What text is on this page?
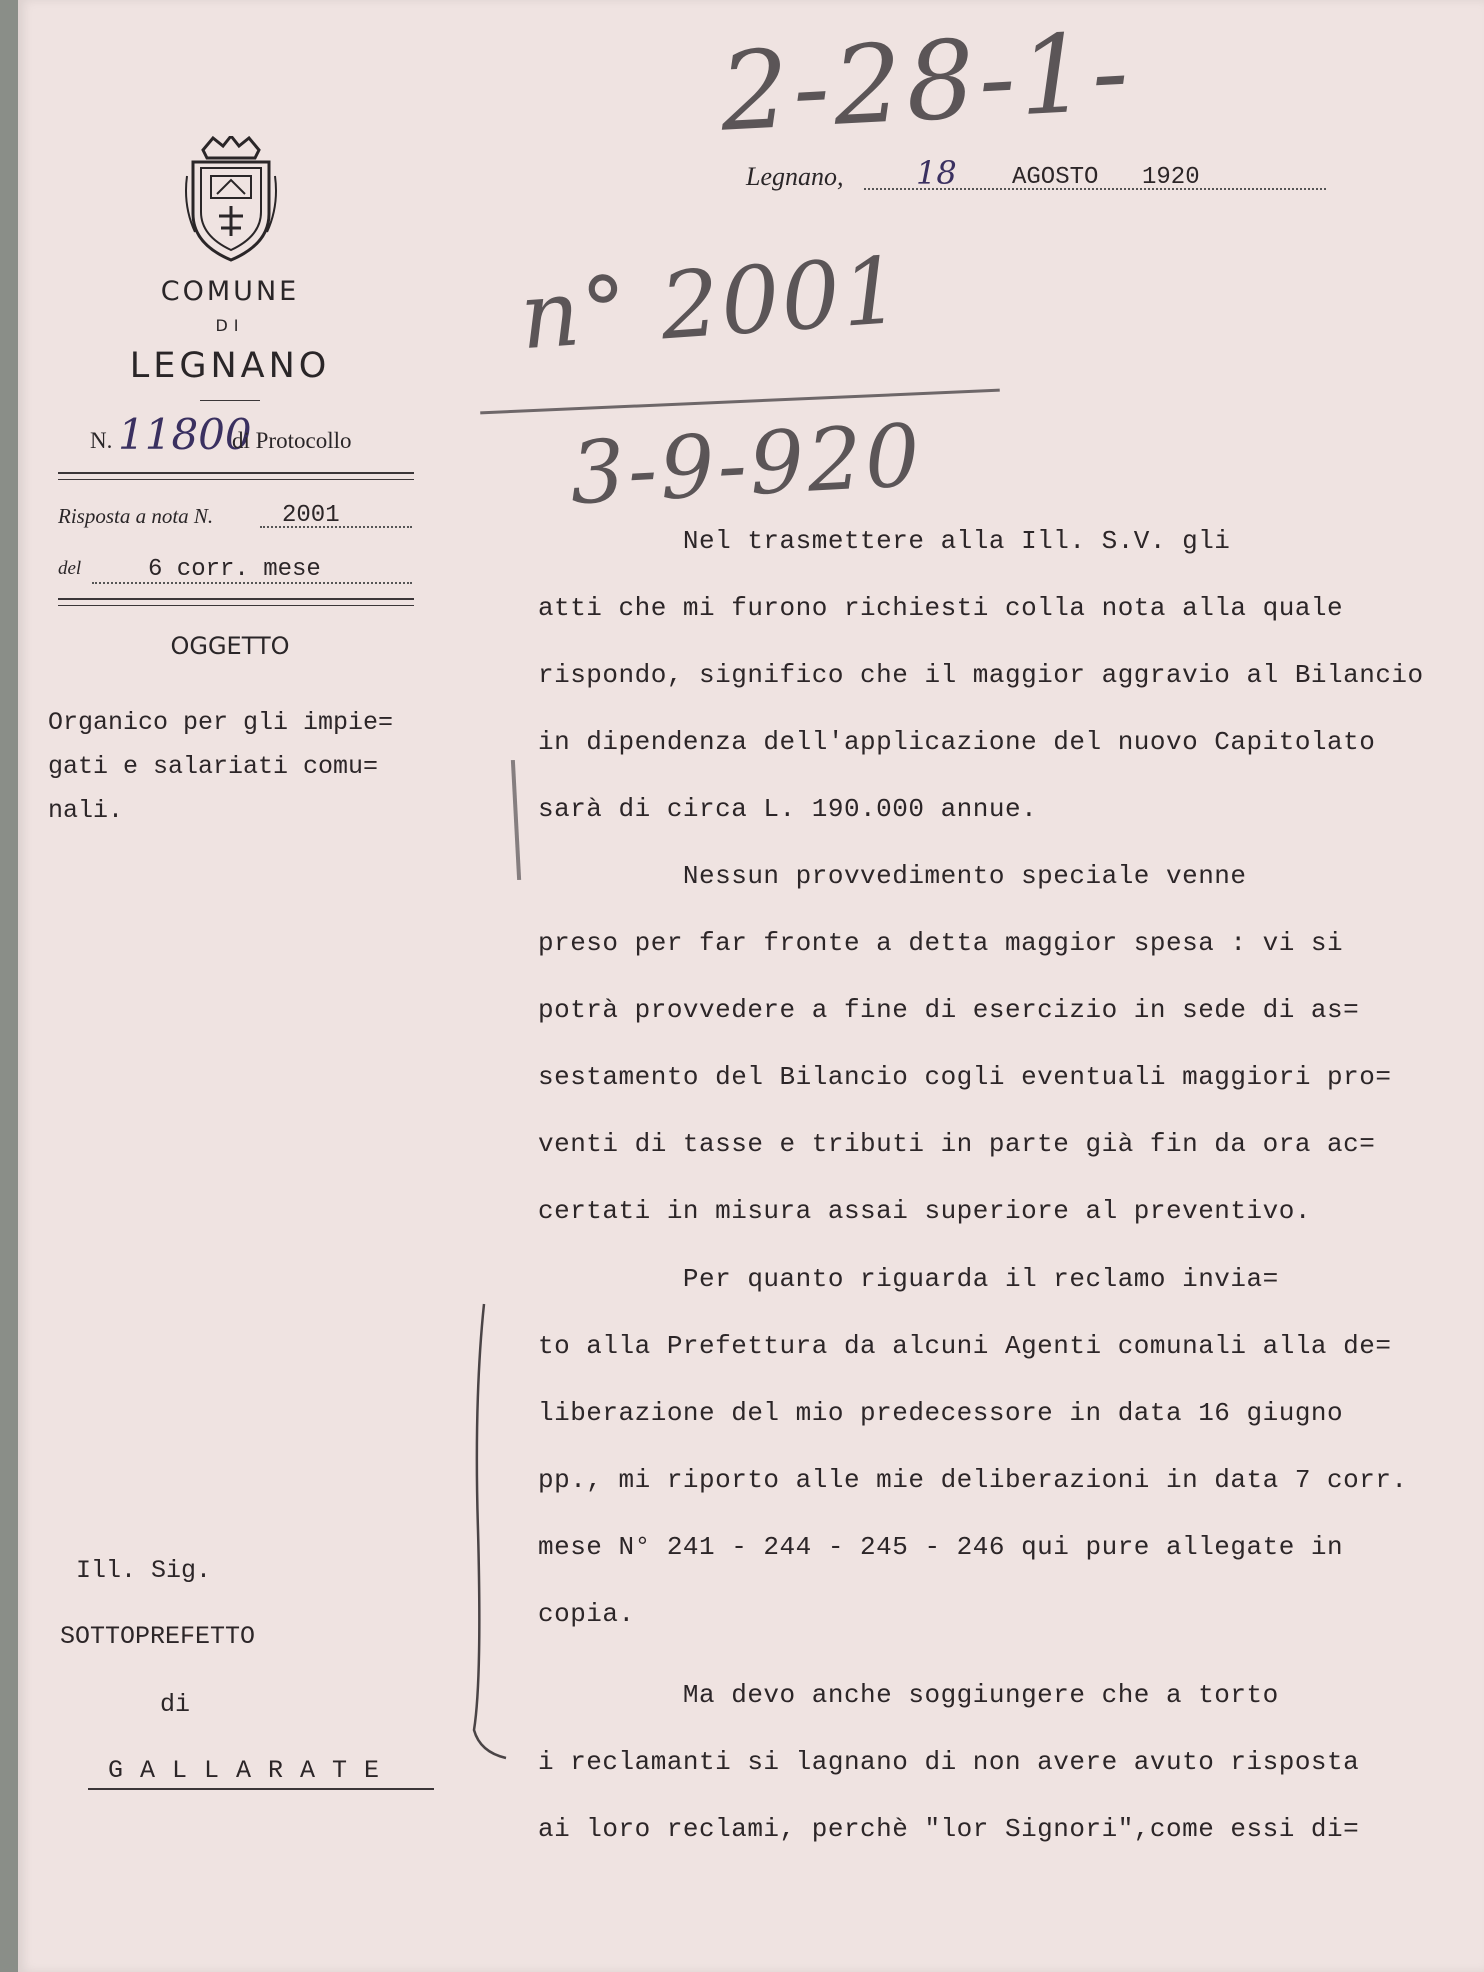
2-28-1-
n° 2001
3-9-920
COMUNE
DI
LEGNANO
N. 11800
di Protocollo
Risposta a nota N.	2001
del	6 corr. mese
OGGETTO
Organico per gli impie=
gati e salariati comu=
nali.
Legnano, 18 AGOSTO 1920
Nel trasmettere alla Ill. S.V. gli
atti che mi furono richiesti colla nota alla quale
rispondo, significo che il maggior aggravio al Bilancio
in dipendenza dell'applicazione del nuovo Capitolato
sarà di circa L. 190.000 annue.
Nessun provvedimento speciale venne
preso per far fronte a detta maggior spesa : vi si
potrà provvedere a fine di esercizio in sede di as=
sestamento del Bilancio cogli eventuali maggiori pro=
venti di tasse e tributi in parte già fin da ora ac=
certati in misura assai superiore al preventivo.
Per quanto riguarda il reclamo invia=
to alla Prefettura da alcuni Agenti comunali alla de=
liberazione del mio predecessore in data 16 giugno
pp., mi riporto alle mie deliberazioni in data 7 corr.
mese N° 241 - 244 - 245 - 246 qui pure allegate in
copia.
Ma devo anche soggiungere che a torto
i reclamanti si lagnano di non avere avuto risposta
ai loro reclami, perchè "lor Signori",come essi di=
Ill. Sig.
SOTTOPREFETTO
di
G A L L A R A T E
